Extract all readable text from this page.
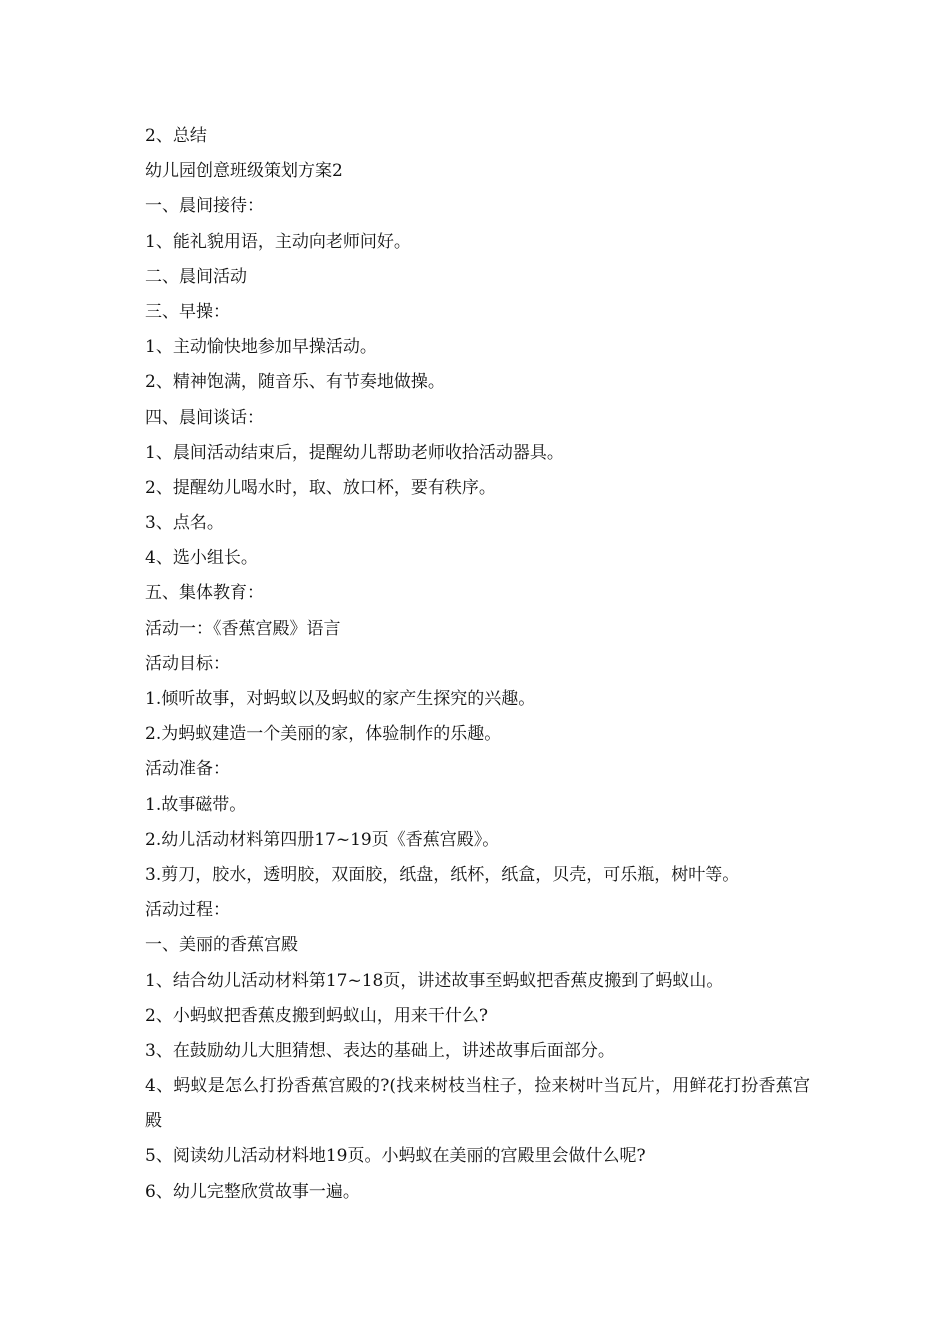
2、总结

幼儿园创意班级策划方案2

一、晨间接待：

1、能礼貌用语，主动向老师问好。

二、晨间活动

三、早操：

1、主动愉快地参加早操活动。

2、精神饱满，随音乐、有节奏地做操。

四、晨间谈话：

1、晨间活动结束后，提醒幼儿帮助老师收拾活动器具。

2、提醒幼儿喝水时，取、放口杯，要有秩序。

3、点名。

4、选小组长。

五、集体教育：

活动一：《香蕉宫殿》语言

活动目标：

1.倾听故事，对蚂蚁以及蚂蚁的家产生探究的兴趣。

2.为蚂蚁建造一个美丽的家，体验制作的乐趣。

活动准备：

1.故事磁带。

2.幼儿活动材料第四册17~19页《香蕉宫殿》。

3.剪刀，胶水，透明胶，双面胶，纸盘，纸杯，纸盒，贝壳，可乐瓶，树叶等。

活动过程：

一、美丽的香蕉宫殿

1、结合幼儿活动材料第17~18页，讲述故事至蚂蚁把香蕉皮搬到了蚂蚁山。

2、小蚂蚁把香蕉皮搬到蚂蚁山，用来干什么?

3、在鼓励幼儿大胆猜想、表达的基础上，讲述故事后面部分。

4、蚂蚁是怎么打扮香蕉宫殿的?(找来树枝当柱子，捡来树叶当瓦片，用鲜花打扮香蕉宫殿

5、阅读幼儿活动材料地19页。小蚂蚁在美丽的宫殿里会做什么呢?

6、幼儿完整欣赏故事一遍。
